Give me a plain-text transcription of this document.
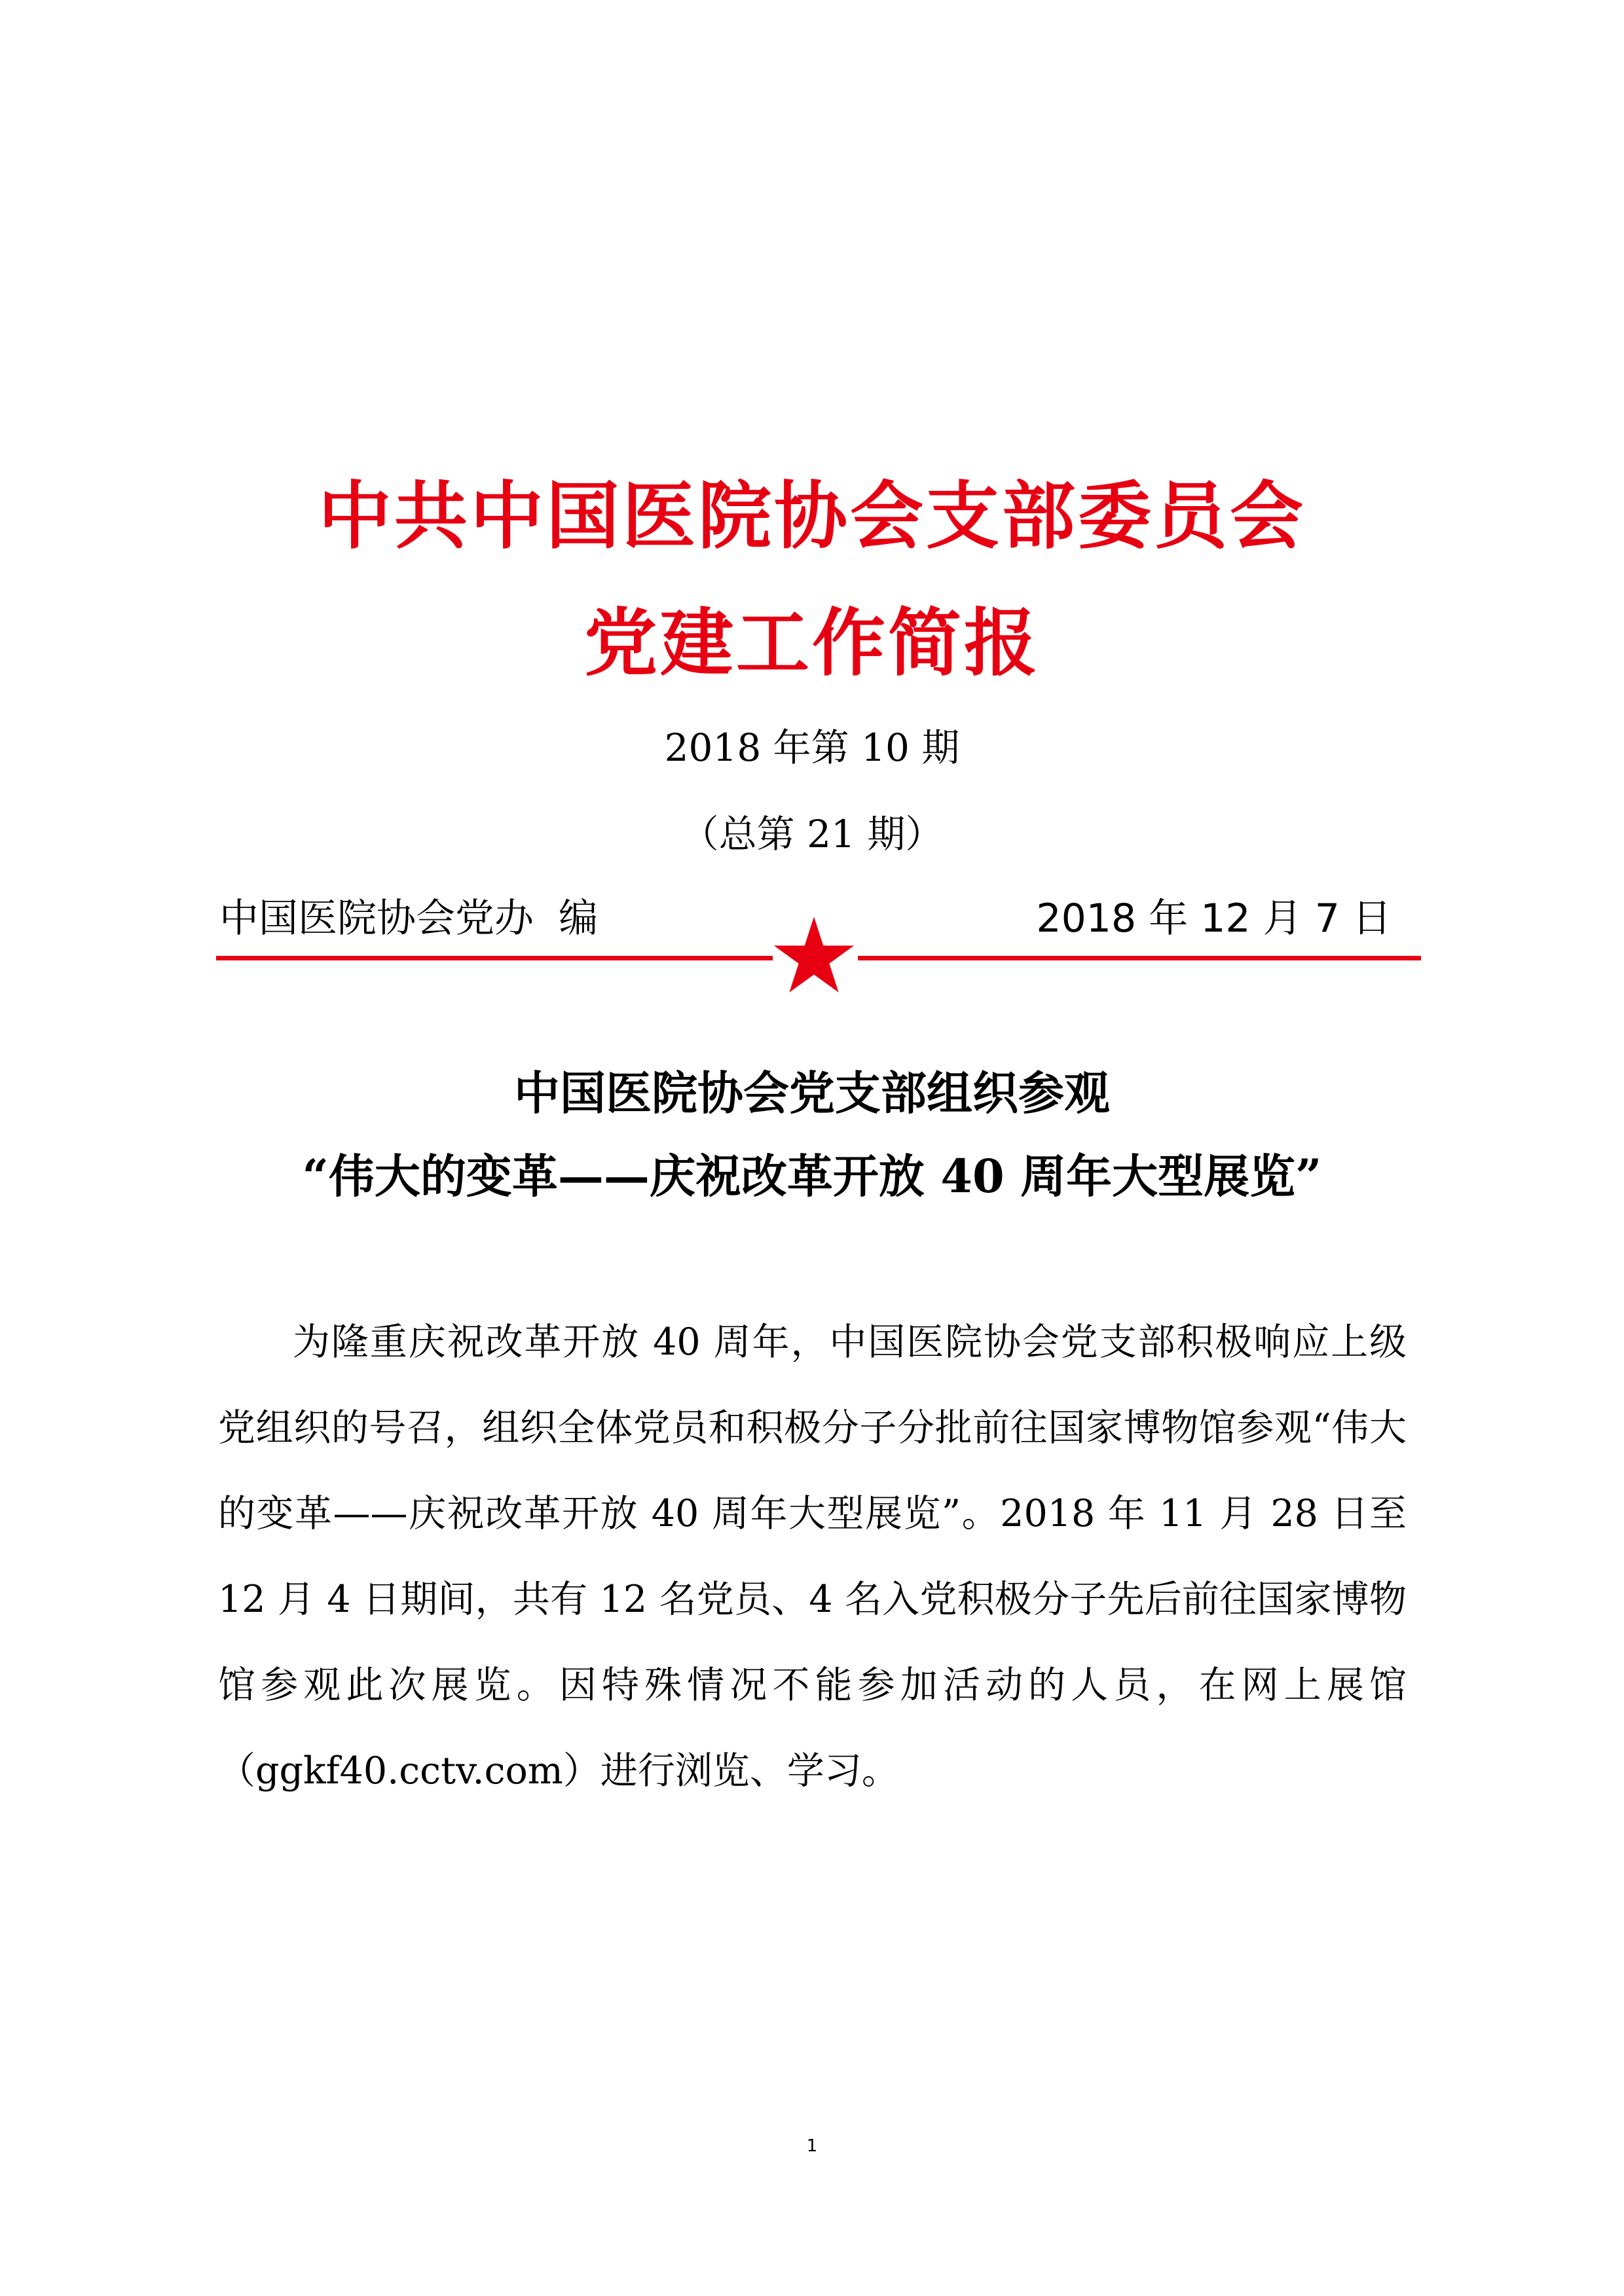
中共中国医院协会支部委员会
党建工作简报
2018 年第 10 期
（总第 21 期）
中国医院协会党办  编	2018 年 12 月 7 日
中国医院协会党支部组织参观
“伟大的变革——庆祝改革开放 40 周年大型展览”

为隆重庆祝改革开放 40 周年，中国医院协会党支部积极响应上级党组织的号召，组织全体党员和积极分子分批前往国家博物馆参观“伟大的变革——庆祝改革开放 40 周年大型展览”。2018 年 11 月 28 日至 12 月 4 日期间，共有 12 名党员、4 名入党积极分子先后前往国家博物馆参观此次展览。因特殊情况不能参加活动的人员，在网上展馆（ggkf40.cctv.com）进行浏览、学习。

1
